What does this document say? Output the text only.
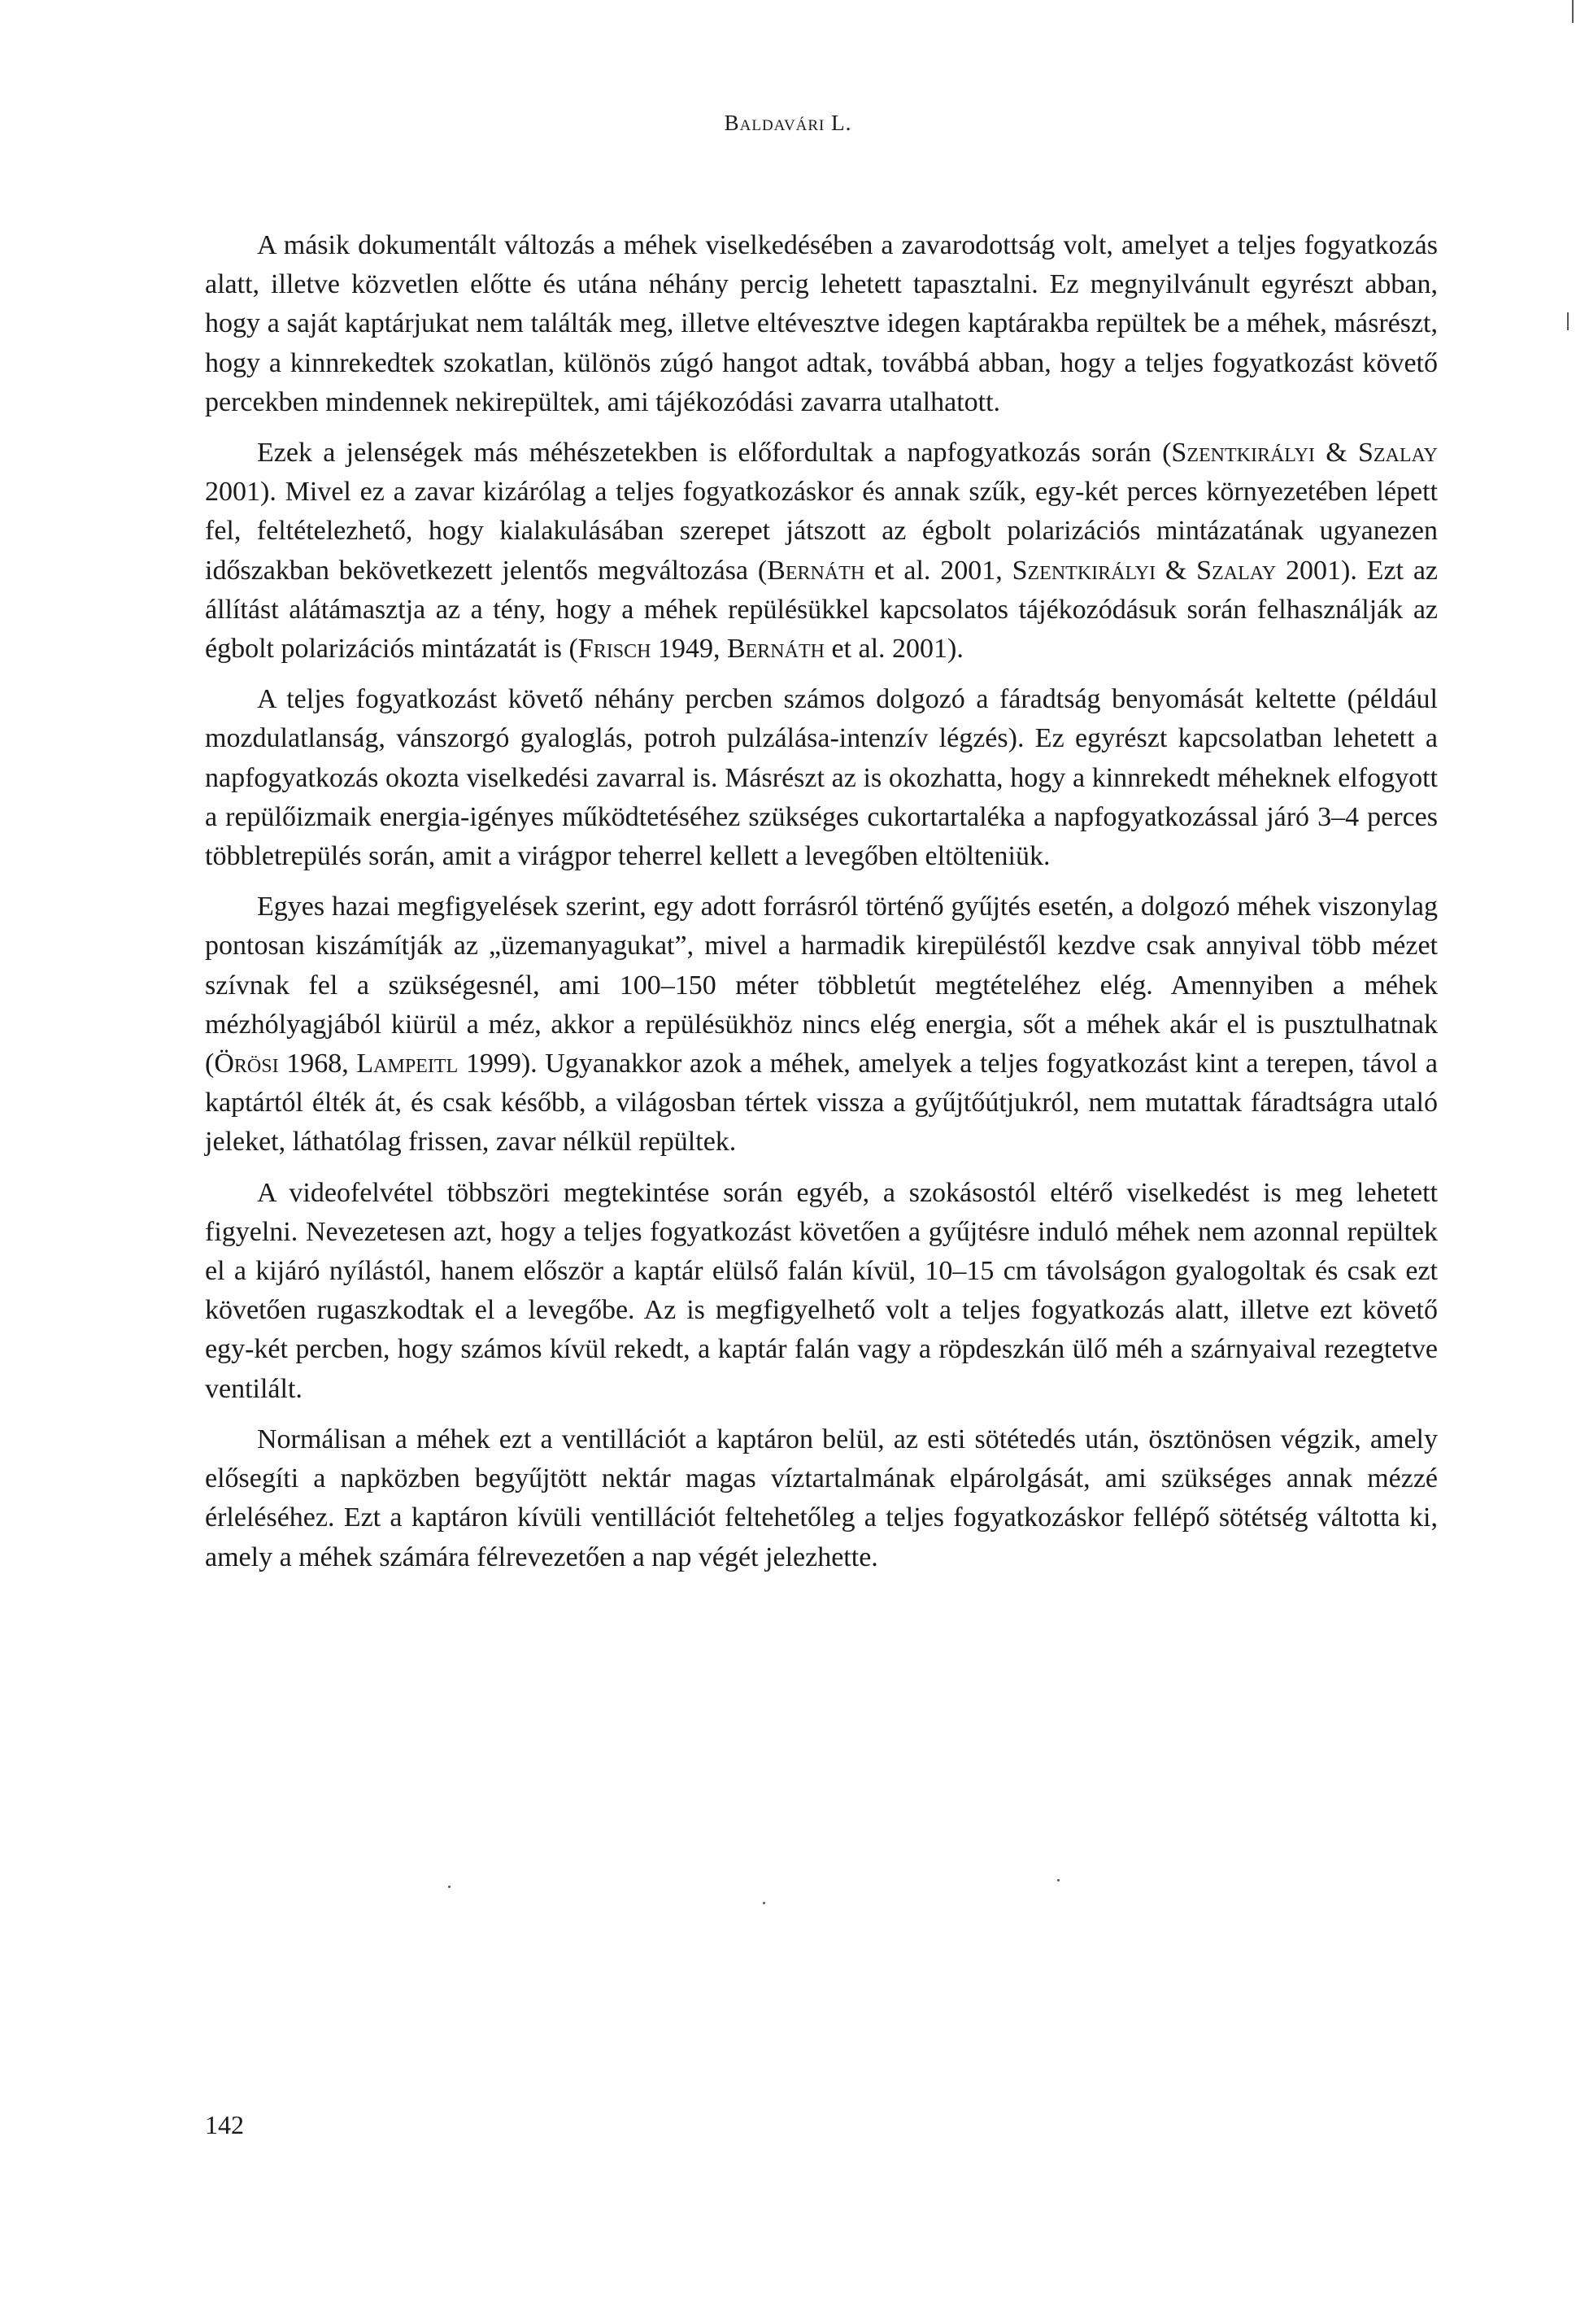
Baldavári L.

A másik dokumentált változás a méhek viselkedésében a zavarodottság volt, amelyet a teljes fogyatkozás alatt, illetve közvetlen előtte és utána néhány percig lehetett tapasztalni. Ez megnyilvánult egyrészt abban, hogy a saját kaptárjukat nem találták meg, illetve eltévesztve idegen kaptárakba repültek be a méhek, másrészt, hogy a kinnrekedtek szokatlan, különös zúgó hangot adtak, továbbá abban, hogy a teljes fogyatkozást követő percekben mindennek nekirepültek, ami tájékozódási zavarra utalhatott.

Ezek a jelenségek más méhészetekben is előfordultak a napfogyatkozás során (Szentkirályi & Szalay 2001). Mivel ez a zavar kizárólag a teljes fogyatkozáskor és annak szűk, egy-két perces környezetében lépett fel, feltételezhető, hogy kialakulásában szerepet játszott az égbolt polarizációs mintázatának ugyanezen időszakban bekövetkezett jelentős megváltozása (Bernáth et al. 2001, Szentkirályi & Szalay 2001). Ezt az állítást alátámasztja az a tény, hogy a méhek repülésükkel kapcsolatos tájékozódásuk során felhasználják az égbolt polarizációs mintázatát is (Frisch 1949, Bernáth et al. 2001).

A teljes fogyatkozást követő néhány percben számos dolgozó a fáradtság benyomását keltette (például mozdulatlanság, vánszorgó gyaloglás, potroh pulzálása-intenzív légzés). Ez egyrészt kapcsolatban lehetett a napfogyatkozás okozta viselkedési zavarral is. Másrészt az is okozhatta, hogy a kinnrekedt méheknek elfogyott a repülőizmaik energia-igényes működtetéséhez szükséges cukortartaléka a napfogyatkozással járó 3–4 perces többletrepülés során, amit a virágpor teherrel kellett a levegőben eltölteniük.

Egyes hazai megfigyelések szerint, egy adott forrásról történő gyűjtés esetén, a dolgozó méhek viszonylag pontosan kiszámítják az „üzemanyagukat”, mivel a harmadik kirepüléstől kezdve csak annyival több mézet szívnak fel a szükségesnél, ami 100–150 méter többletút megtételéhez elég. Amennyiben a méhek mézhólyagjából kiürül a méz, akkor a repülésükhöz nincs elég energia, sőt a méhek akár el is pusztulhatnak (Örösi 1968, Lampeitl 1999). Ugyanakkor azok a méhek, amelyek a teljes fogyatkozást kint a terepen, távol a kaptártól élték át, és csak később, a világosban tértek vissza a gyűjtőútjukról, nem mutattak fáradtságra utaló jeleket, láthatólag frissen, zavar nélkül repültek.

A videofelvétel többszöri megtekintése során egyéb, a szokásostól eltérő viselkedést is meg lehetett figyelni. Nevezetesen azt, hogy a teljes fogyatkozást követően a gyűjtésre induló méhek nem azonnal repültek el a kijáró nyílástól, hanem először a kaptár elülső falán kívül, 10–15 cm távolságon gyalogoltak és csak ezt követően rugaszkodtak el a levegőbe. Az is megfigyelhető volt a teljes fogyatkozás alatt, illetve ezt követő egy-két percben, hogy számos kívül rekedt, a kaptár falán vagy a röpdeszkán ülő méh a szárnyaival rezegtetve ventilált.

Normálisan a méhek ezt a ventillációt a kaptáron belül, az esti sötétedés után, ösztönösen végzik, amely elősegíti a napközben begyűjtött nektár magas víztartalmának elpárolgását, ami szükséges annak mézzé érleléséhez. Ezt a kaptáron kívüli ventillációt feltehetőleg a teljes fogyatkozáskor fellépő sötétség váltotta ki, amely a méhek számára félrevezetően a nap végét jelezhette.

142
